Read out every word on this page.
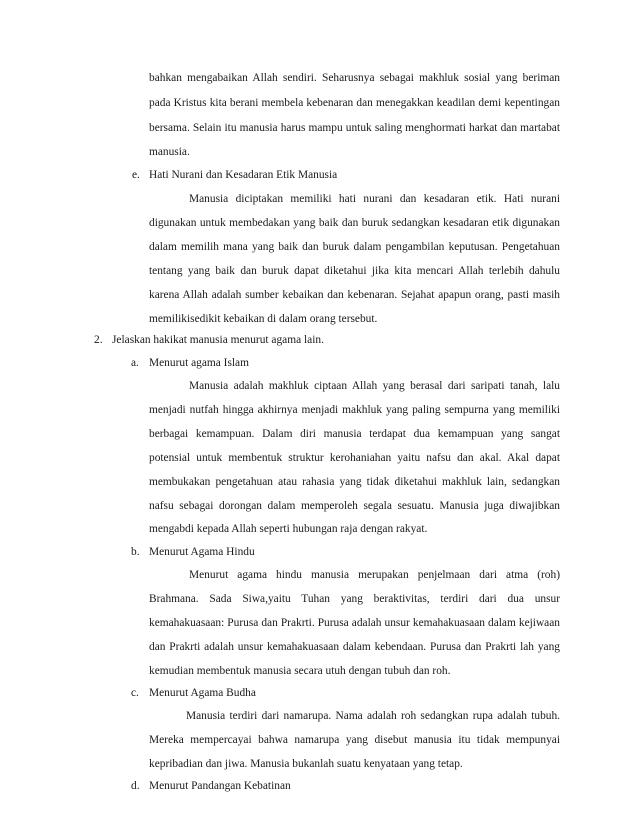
bahkan mengabaikan Allah sendiri. Seharusnya sebagai makhluk sosial yang beriman
pada Kristus kita berani membela kebenaran dan menegakkan keadilan demi kepentingan
bersama. Selain itu manusia harus mampu untuk saling menghormati harkat dan martabat
manusia.
e. Hati Nurani dan Kesadaran Etik Manusia
Manusia diciptakan memiliki hati nurani dan kesadaran etik. Hati nurani
digunakan untuk membedakan yang baik dan buruk sedangkan kesadaran etik digunakan
dalam memilih mana yang baik dan buruk dalam pengambilan keputusan. Pengetahuan
tentang yang baik dan buruk dapat diketahui jika kita mencari Allah terlebih dahulu
karena Allah adalah sumber kebaikan dan kebenaran. Sejahat apapun orang, pasti masih
memilikisedikit kebaikan di dalam orang tersebut.
2. Jelaskan hakikat manusia menurut agama lain.
a. Menurut agama Islam
Manusia adalah makhluk ciptaan Allah yang berasal dari saripati tanah, lalu
menjadi nutfah hingga akhirnya menjadi makhluk yang paling sempurna yang memiliki
berbagai kemampuan. Dalam diri manusia terdapat dua kemampuan yang sangat
potensial untuk membentuk struktur kerohaniahan yaitu nafsu dan akal. Akal dapat
membukakan pengetahuan atau rahasia yang tidak diketahui makhluk lain, sedangkan
nafsu sebagai dorongan dalam memperoleh segala sesuatu. Manusia juga diwajibkan
mengabdi kepada Allah seperti hubungan raja dengan rakyat.
b. Menurut Agama Hindu
Menurut agama hindu manusia merupakan penjelmaan dari atma (roh)
Brahmana. Sada Siwa,yaitu Tuhan yang beraktivitas, terdiri dari dua unsur
kemahakuasaan: Purusa dan Prakrti. Purusa adalah unsur kemahakuasaan dalam kejiwaan
dan Prakrti adalah unsur kemahakuasaan dalam kebendaan. Purusa dan Prakrti lah yang
kemudian membentuk manusia secara utuh dengan tubuh dan roh.
c. Menurut Agama Budha
Manusia terdiri dari namarupa. Nama adalah roh sedangkan rupa adalah tubuh.
Mereka mempercayai bahwa namarupa yang disebut manusia itu tidak mempunyai
kepribadian dan jiwa. Manusia bukanlah suatu kenyataan yang tetap.
d. Menurut Pandangan Kebatinan
